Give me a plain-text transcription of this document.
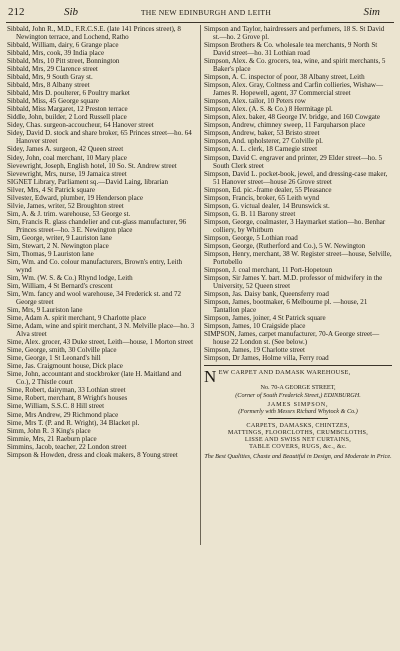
212	Sib	THE NEW EDINBURGH AND LEITH	Sim

Sibbald, John R., M.D., F.R.C.S.E. (late 141 Princes street), 8 Newington terrace, and Lochend, Ratho

Sibbald, William, dairy, 6 Grange place

Sibbald, Mrs, cook, 39 India place

Sibbald, Mrs, 10 Pitt street, Bonnington

Sibbald, Mrs, 29 Clarence street

Sibbald, Mrs, 9 South Gray st.

Sibbald, Mrs, 8 Albany street

Sibbald, Mrs D. poulterer, 6 Poultry market

Sibbald, Miss, 45 George square

Sibbald, Miss Margaret, 12 Preston terrace

Siddle, John, builder, 2 Lord Russell place

Sidey, Chas. surgeon-accoucheur, 64 Hanover street

Sidey, David D. stock and share broker, 65 Princes street—ho. 64 Hanover street

Sidey, James A. surgeon, 42 Queen street

Sidey, John, coal merchant, 10 Mary place

Sievewright, Joseph, English hotel, 10 So. St. Andrew street

Sievewright, Mrs, nurse, 19 Jamaica street

SIGNET Library, Parliament sq.—David Laing, librarian

Silver, Mrs, 4 St Patrick square

Silvester, Edward, plumber, 19 Henderson place

Silvie, James, writer, 52 Broughton street

Sim, A. & J. trim. warehouse, 53 George st.

Sim, Francis R. glass chandelier and cut-glass manufacturer, 96 Princes street—ho. 3 E. Newington place

Sim, George, writer, 9 Lauriston lane

Sim, Stewart, 2 N. Newington place

Sim, Thomas, 9 Lauriston lane

Sim, Wm. and Co. colour manufacturers, Brown's entry, Leith wynd

Sim, Wm. (W. S. & Co.) Rhynd lodge, Leith

Sim, William, 4 St Bernard's crescent

Sim, Wm. fancy and wool warehouse, 34 Frederick st. and 72 George street

Sim, Mrs, 9 Lauriston lane

Sime, Adam A. spirit merchant, 9 Charlotte place

Sime, Adam, wine and spirit merchant, 3 N. Melville place—ho. 3 Alva street

Sime, Alex. grocer, 43 Duke street, Leith—house, 1 Morton street

Sime, George, smith, 30 Colville place

Sime, George, 1 St Leonard's hill

Sime, Jas. Craigmount house, Dick place

Sime, John, accountant and stockbroker (late H. Maitland and Co.), 2 Thistle court

Sime, Robert, dairyman, 33 Lothian street

Sime, Robert, merchant, 8 Wright's houses

Sime, William, S.S.C. 8 Hill street

Sime, Mrs Andrew, 29 Richmond place

Sime, Mrs T. (P. and R. Wright), 34 Blacket pl.

Simm, John R. 3 King's place

Simmie, Mrs, 21 Raeburn place

Simmins, Jacob, teacher, 22 London street

Simpson & Howden, dress and cloak makers, 8 Young street

Simpson and Taylor, hairdressers and perfumers, 18 S. St David st.—ho. 2 Grove pl.

Simpson Brothers & Co. wholesale tea merchants, 9 North St David street—ho. 31 Lothian road

Simpson, Alex. & Co. grocers, tea, wine, and spirit merchants, 5 Baker's place

Simpson, A. C. inspector of poor, 38 Albany street, Leith

Simpson, Alex. Gray, Coltness and Carfin collieries, Wishaw—James R. Hopewell, agent, 37 Commercial street

Simpson, Alex. tailor, 10 Peters row

Simpson, Alex. (A. S. & Co.) 8 Hermitage pl.

Simpson, Alex. baker, 48 George IV. bridge, and 160 Cowgate

Simpson, Andrew, chimney sweep, 11 Farquharson place

Simpson, Andrew, baker, 53 Bristo street

Simpson, And. upholsterer, 27 Colville pl.

Simpson, A. L. clerk, 18 Carnegie street

Simpson, David C. engraver and printer, 29 Elder street—ho. 5 South Clerk street

Simpson, David L. pocket-book, jewel, and dressing-case maker, 51 Hanover street—house 26 Grove street

Simpson, Ed. pic.-frame dealer, 55 Pleasance

Simpson, Francis, broker, 65 Leith wynd

Simpson, G. victual dealer, 14 Brunswick st.

Simpson, G. B. 11 Barony street

Simpson, George, coalmaster, 3 Haymarket station—ho. Benhar colliery, by Whitburn

Simpson, George, 5 Lothian road

Simpson, George, (Rutherford and Co.), 5 W. Newington

Simpson, Henry, merchant, 38 W. Register street—house, Selville, Portobello

Simpson, J. coal merchant, 11 Port-Hopetoun

Simpson, Sir James Y. bart. M.D. professor of midwifery in the University, 52 Queen street

Simpson, Jas. Daisy bank, Queensferry road

Simpson, James, bootmaker, 6 Melbourne pl. —house, 21 Tantallon place

Simpson, James, joiner, 4 St Patrick square

Simpson, James, 10 Craigside place

SIMPSON, James, carpet manufacturer, 70-A George street—house 22 London st. (See below.)

Simpson, James, 19 Charlotte street

Simpson, Dr James, Holme villa, Ferry road

NEW CARPET AND DAMASK WAREHOUSE,
No. 70-A GEORGE STREET,
(Corner of South Frederick Street,) EDINBURGH.
JAMES SIMPSON,
(Formerly with Messrs Richard Whytock & Co.)
CARPETS, DAMASKS, CHINTZES,
MATTINGS, FLOORCLOTHS, CRUMBCLOTHS,
LISSE AND SWISS NET CURTAINS,
TABLE COVERS, RUGS, &c., &c.
The Best Qualities, Chaste and Beautiful in Design, and Moderate in Price.
